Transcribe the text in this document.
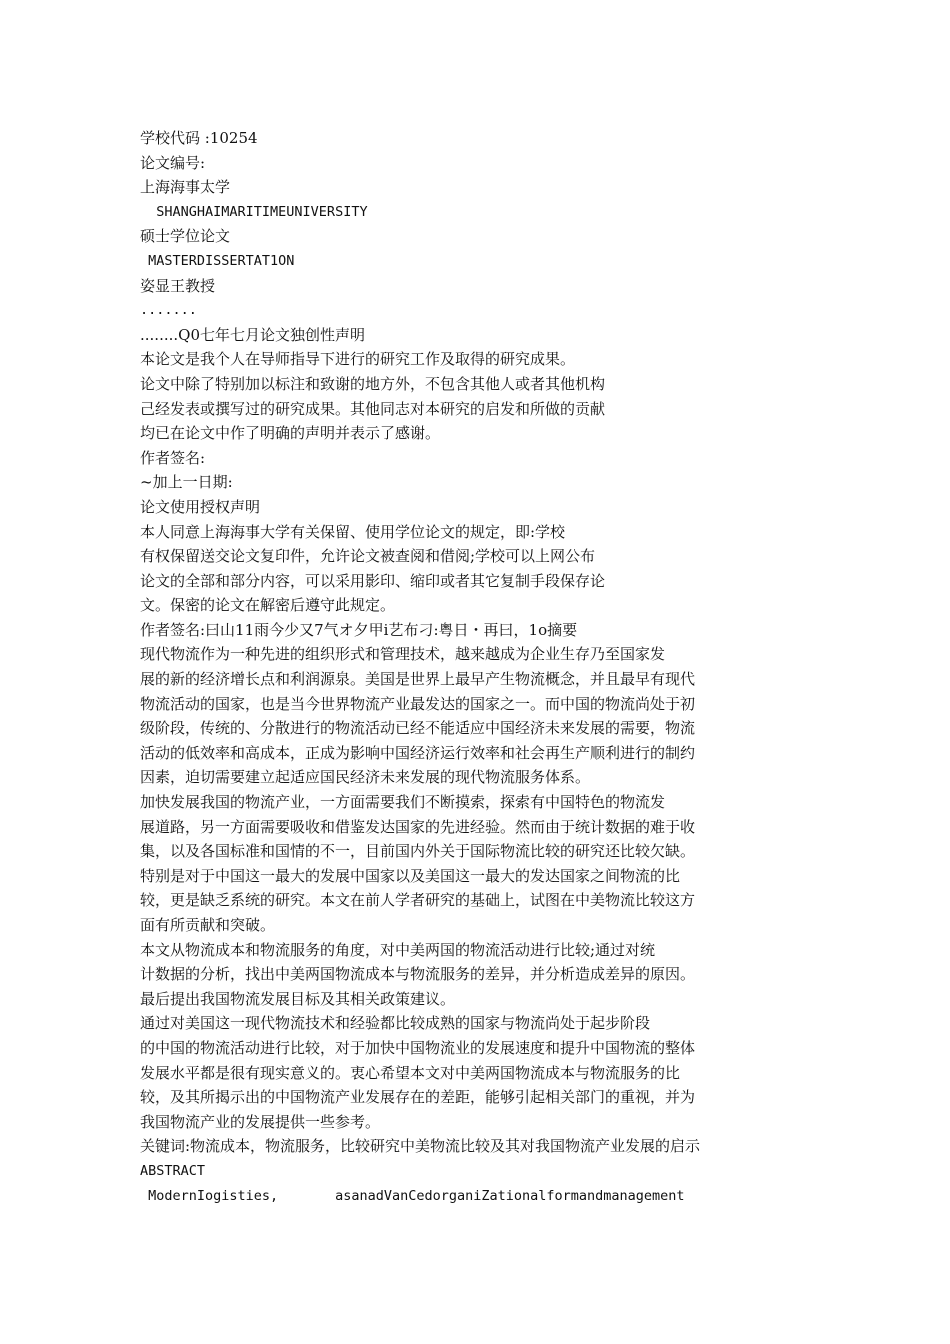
学校代码 :10254
论文编号:
上海海事太学
SHANGHAIMARITIMEUNIVERSITY
硕士学位论文
MASTERDISSERTAT1ON
姿显王教授
.......
........Q0七年七月论文独创性声明
本论文是我个人在导师指导下进行的研究工作及取得的研究成果。
论文中除了特别加以标注和致谢的地方外，不包含其他人或者其他机构
己经发表或撰写过的研究成果。其他同志对本研究的启发和所做的贡献
均已在论文中作了明确的声明并表示了感谢。
作者签名:
~加上一日期:
论文使用授权声明
本人同意上海海事大学有关保留、使用学位论文的规定，即:学校
有权保留送交论文复印件，允许论文被查阅和借阅;学校可以上网公布
论文的全部和部分内容，可以采用影印、缩印或者其它复制手段保存论
文。保密的论文在解密后遵守此规定。
作者签名:曰山11雨今少又7气オ夕甲i艺布刁:粤日・再曰，1o摘要
现代物流作为一种先进的组织形式和管理技术，越来越成为企业生存乃至国家发
展的新的经济增长点和利润源泉。美国是世界上最早产生物流概念，并且最早有现代
物流活动的国家，也是当今世界物流产业最发达的国家之一。而中国的物流尚处于初
级阶段，传统的、分散进行的物流活动已经不能适应中国经济未来发展的需要，物流
活动的低效率和高成本，正成为影响中国经济运行效率和社会再生产顺利进行的制约
因素，迫切需要建立起适应国民经济未来发展的现代物流服务体系。
加快发展我国的物流产业，一方面需要我们不断摸索，探索有中国特色的物流发
展道路，另一方面需要吸收和借鉴发达国家的先进经验。然而由于统计数据的难于收
集，以及各国标准和国情的不一，目前国内外关于国际物流比较的研究还比较欠缺。
特别是对于中国这一最大的发展中国家以及美国这一最大的发达国家之间物流的比
较，更是缺乏系统的研究。本文在前人学者研究的基础上，试图在中美物流比较这方
面有所贡献和突破。
本文从物流成本和物流服务的角度，对中美两国的物流活动进行比较;通过对统
计数据的分析，找出中美两国物流成本与物流服务的差异，并分析造成差异的原因。
最后提出我国物流发展目标及其相关政策建议。
通过对美国这一现代物流技术和经验都比较成熟的国家与物流尚处于起步阶段
的中国的物流活动进行比较，对于加快中国物流业的发展速度和提升中国物流的整体
发展水平都是很有现实意义的。衷心希望本文对中美两国物流成本与物流服务的比
较，及其所揭示出的中国物流产业发展存在的差距，能够引起相关部门的重视，并为
我国物流产业的发展提供一些参考。
关键词:物流成本，物流服务，比较研究中美物流比较及其对我国物流产业发展的启示
ABSTRACT
ModernIogisties,       asanadVanCedorganiZationalformandmanagement
